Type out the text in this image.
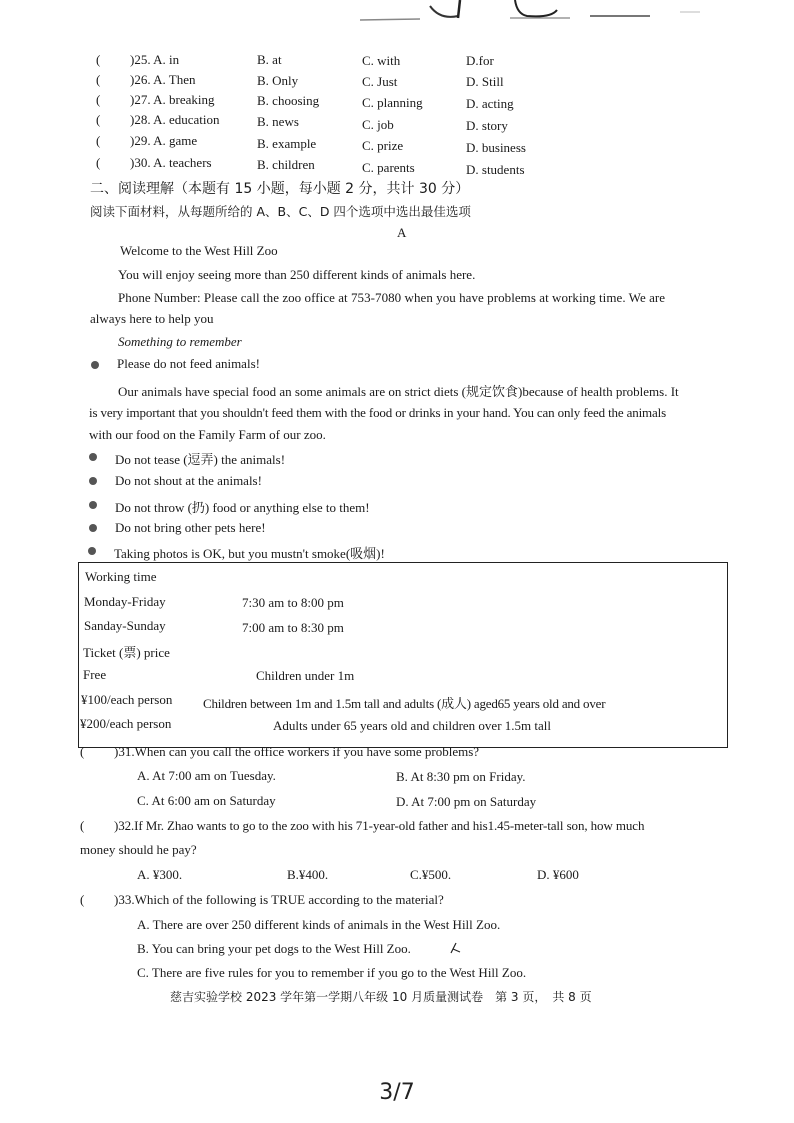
( )25. A. in	B. at	C. with	D.for
( )26. A. Then	B. Only	C. Just	D. Still
( )27. A. breaking	B. choosing	C. planning	D. acting
( )28. A. education	B. news	C. job	D. story
( )29. A. game	B. example	C. prize	D. business
( )30. A. teachers	B. children	C. parents	D. students
二、阅读理解（本题有 15 小题，每小题 2 分，共计 30 分）
阅读下面材料，从每题所给的 A、B、C、D 四个选项中选出最佳选项
A
Welcome to the West Hill Zoo
You will enjoy seeing more than 250 different kinds of animals here.
Phone Number: Please call the zoo office at 753-7080 when you have problems at working time. We are
always here to help you
Something to remember
Please do not feed animals!
Our animals have special food an some animals are on strict diets (规定饮食)because of health problems. It
is very important that you shouldn't feed them with the food or drinks in your hand. You can only feed the animals
with our food on the Family Farm of our zoo.
Do not tease (逗弄) the animals!
Do not shout at the animals!
Do not throw (扔) food or anything else to them!
Do not bring other pets here!
Taking photos is OK, but you mustn't smoke(吸烟)!
Working time
Monday-Friday	7:30 am to 8:00 pm
Sanday-Sunday	7:00 am to 8:30 pm
Ticket (票) price
Free	Children under 1m
¥100/each person Children between 1m and 1.5m tall and adults (成人) aged65 years old and over
¥200/each person	Adults under 65 years old and children over 1.5m tall
( )31.When can you call the office workers if you have some problems?
A. At 7:00 am on Tuesday.	B. At 8:30 pm on Friday.
C. At 6:00 am on Saturday	D. At 7:00 pm on Saturday
( )32.If Mr. Zhao wants to go to the zoo with his 71-year-old father and his1.45-meter-tall son, how much
money should he pay?
A. ¥300.	B.¥400.	C.¥500.	D. ¥600
( )33.Which of the following is TRUE according to the material?
A. There are over 250 different kinds of animals in the West Hill Zoo.
B. You can bring your pet dogs to the West Hill Zoo.
C. There are five rules for you to remember if you go to the West Hill Zoo.
慈吉实验学校 2023 学年第一学期八年级 10 月质量测试卷　第 3 页，　共 8 页
3/7
